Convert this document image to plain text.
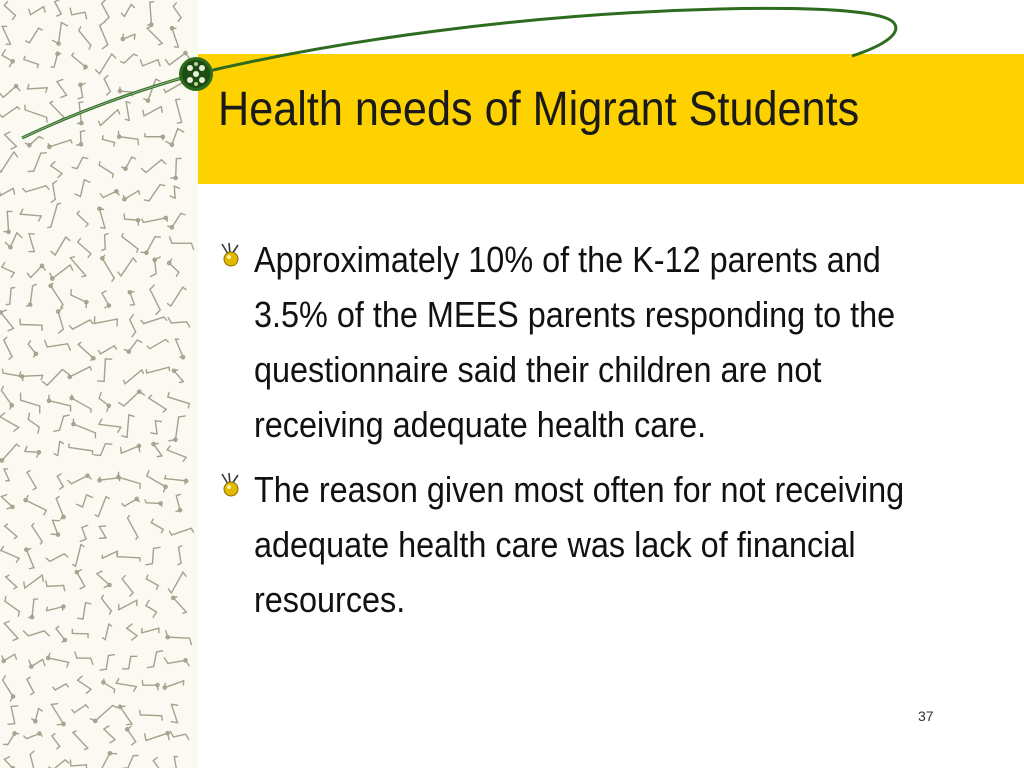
Health needs of Migrant Students
Approximately 10% of the K-12 parents and 3.5% of the MEES parents responding to the questionnaire said their children are not receiving adequate health care.
The reason given most often for not receiving adequate health care was lack of financial resources.
37
